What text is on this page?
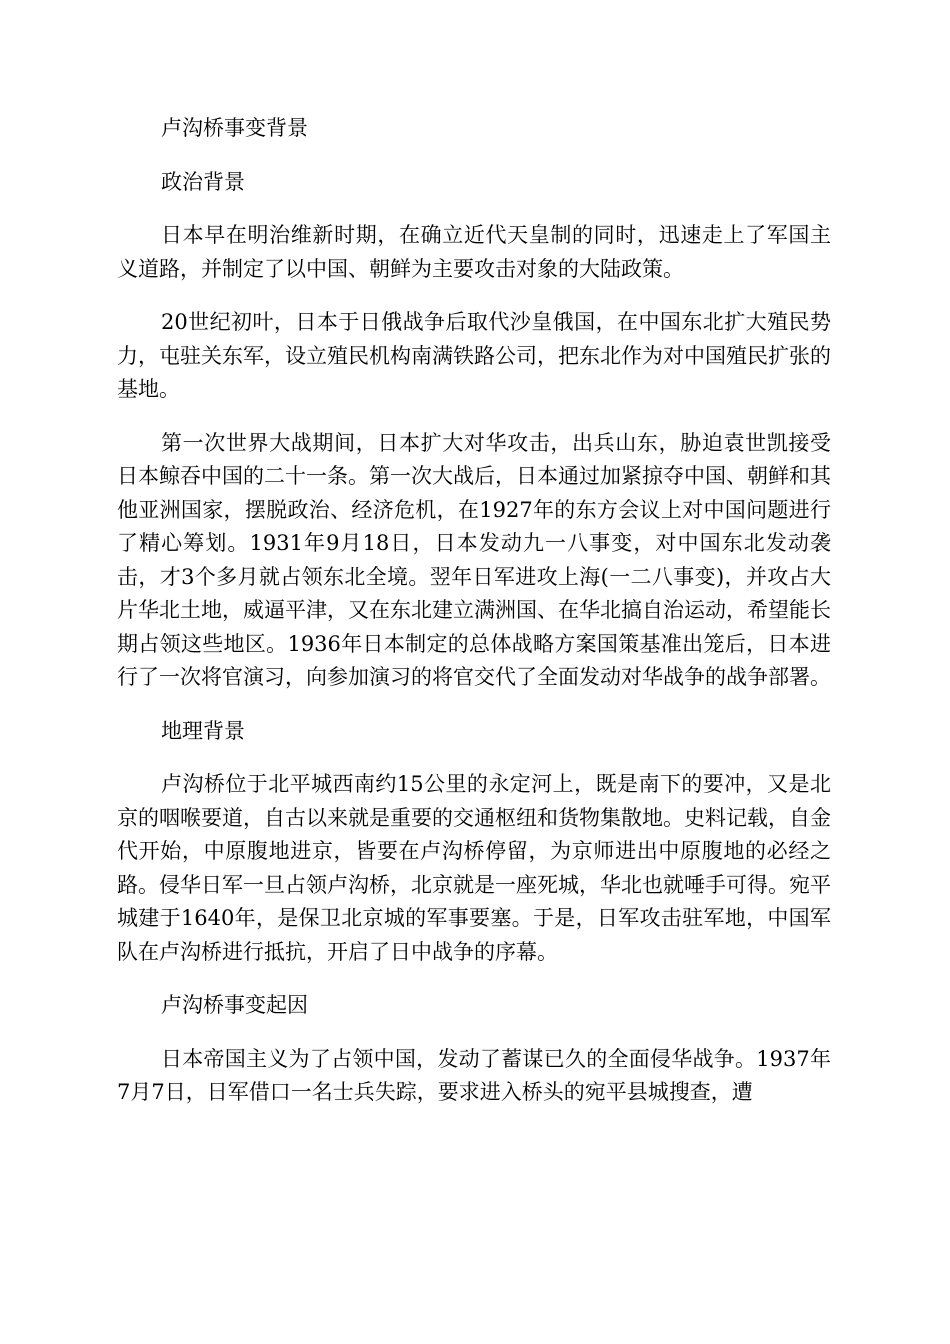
卢沟桥事变背景
政治背景

日本早在明治维新时期，在确立近代天皇制的同时，迅速走上了军国主义道路，并制定了以中国、朝鲜为主要攻击对象的大陆政策。

20世纪初叶，日本于日俄战争后取代沙皇俄国，在中国东北扩大殖民势力，屯驻关东军，设立殖民机构南满铁路公司，把东北作为对中国殖民扩张的基地。

第一次世界大战期间，日本扩大对华攻击，出兵山东，胁迫袁世凯接受日本鲸吞中国的二十一条。第一次大战后，日本通过加紧掠夺中国、朝鲜和其他亚洲国家，摆脱政治、经济危机，在1927年的东方会议上对中国问题进行了精心筹划。1931年9月18日，日本发动九一八事变，对中国东北发动袭击，才3个多月就占领东北全境。翌年日军进攻上海(一二八事变)，并攻占大片华北土地，威逼平津，又在东北建立满洲国、在华北搞自治运动，希望能长期占领这些地区。1936年日本制定的总体战略方案国策基准出笼后，日本进行了一次将官演习，向参加演习的将官交代了全面发动对华战争的战争部署。

地理背景

卢沟桥位于北平城西南约15公里的永定河上，既是南下的要冲，又是北京的咽喉要道，自古以来就是重要的交通枢纽和货物集散地。史料记载，自金代开始，中原腹地进京，皆要在卢沟桥停留，为京师进出中原腹地的必经之路。侵华日军一旦占领卢沟桥，北京就是一座死城，华北也就唾手可得。宛平城建于1640年，是保卫北京城的军事要塞。于是，日军攻击驻军地，中国军队在卢沟桥进行抵抗，开启了日中战争的序幕。

卢沟桥事变起因

日本帝国主义为了占领中国，发动了蓄谋已久的全面侵华战争。1937年7月7日，日军借口一名士兵失踪，要求进入桥头的宛平县城搜查，遭
